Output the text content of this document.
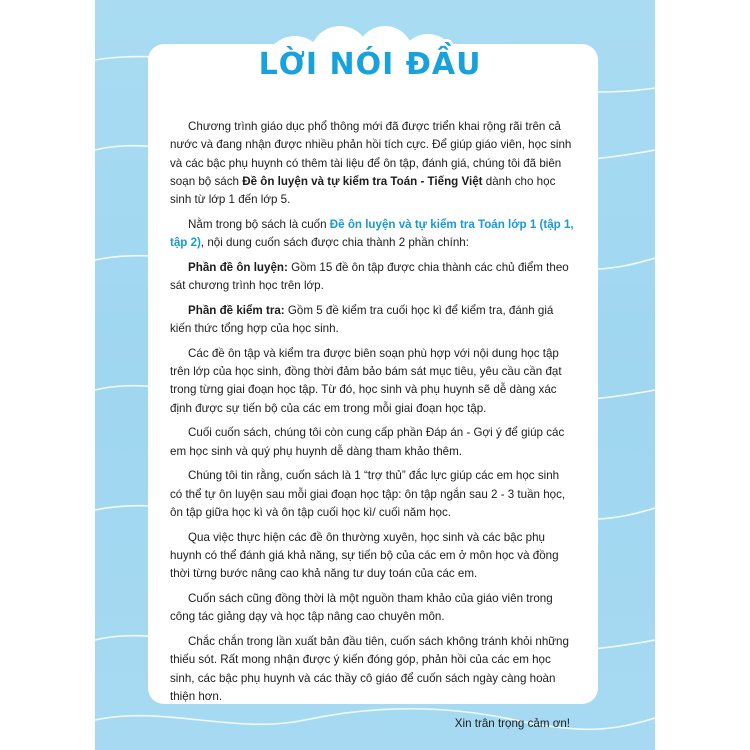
LỜI NÓI ĐẦU

Chương trình giáo dục phổ thông mới đã được triển khai rộng rãi trên cả nước và đang nhận được nhiều phản hồi tích cực. Để giúp giáo viên, học sinh và các bậc phụ huynh có thêm tài liệu để ôn tập, đánh giá, chúng tôi đã biên soạn bộ sách Đề ôn luyện và tự kiểm tra Toán - Tiếng Việt dành cho học sinh từ lớp 1 đến lớp 5.

Nằm trong bộ sách là cuốn Đề ôn luyện và tự kiểm tra Toán lớp 1 (tập 1, tập 2), nội dung cuốn sách được chia thành 2 phần chính:

Phần đề ôn luyện: Gồm 15 đề ôn tập được chia thành các chủ điểm theo sát chương trình học trên lớp.

Phần đề kiểm tra: Gồm 5 đề kiểm tra cuối học kì để kiểm tra, đánh giá kiến thức tổng hợp của học sinh.

Các đề ôn tập và kiểm tra được biên soạn phù hợp với nội dung học tập trên lớp của học sinh, đồng thời đảm bảo bám sát mục tiêu, yêu cầu cần đạt trong từng giai đoạn học tập. Từ đó, học sinh và phụ huynh sẽ dễ dàng xác định được sự tiến bộ của các em trong mỗi giai đoạn học tập.

Cuối cuốn sách, chúng tôi còn cung cấp phần Đáp án - Gợi ý để giúp các em học sinh và quý phụ huynh dễ dàng tham khảo thêm.

Chúng tôi tin rằng, cuốn sách là 1 “trợ thủ” đắc lực giúp các em học sinh có thể tự ôn luyện sau mỗi giai đoạn học tập: ôn tập ngắn sau 2 - 3 tuần học, ôn tập giữa học kì và ôn tập cuối học kì/ cuối năm học.

Qua việc thực hiện các đề ôn thường xuyên, học sinh và các bậc phụ huynh có thể đánh giá khả năng, sự tiến bộ của các em ở môn học và đồng thời từng bước nâng cao khả năng tư duy toán của các em.

Cuốn sách cũng đồng thời là một nguồn tham khảo của giáo viên trong công tác giảng dạy và học tập nâng cao chuyên môn.

Chắc chắn trong lần xuất bản đầu tiên, cuốn sách không tránh khỏi những thiếu sót. Rất mong nhận được ý kiến đóng góp, phản hồi của các em học sinh, các bậc phụ huynh và các thầy cô giáo để cuốn sách ngày càng hoàn thiện hơn.

Xin trân trọng cảm ơn!
